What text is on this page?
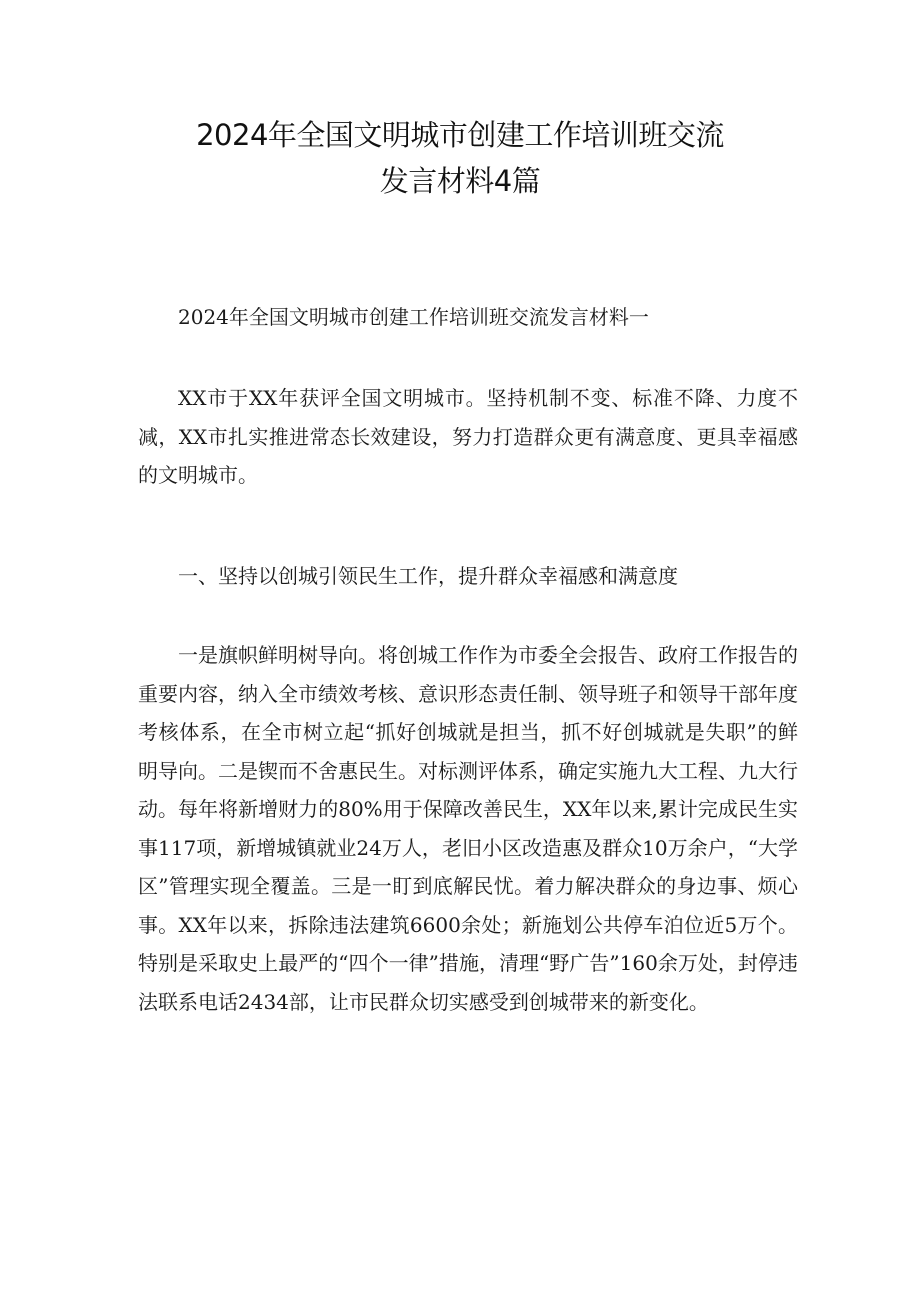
2024年全国文明城市创建工作培训班交流
发言材料4篇

2024年全国文明城市创建工作培训班交流发言材料一

XX市于XX年获评全国文明城市。坚持机制不变、标准不降、力度不减，XX市扎实推进常态长效建设，努力打造群众更有满意度、更具幸福感的文明城市。

一、坚持以创城引领民生工作，提升群众幸福感和满意度

一是旗帜鲜明树导向。将创城工作作为市委全会报告、政府工作报告的重要内容，纳入全市绩效考核、意识形态责任制、领导班子和领导干部年度考核体系，在全市树立起“抓好创城就是担当，抓不好创城就是失职”的鲜明导向。二是锲而不舍惠民生。对标测评体系，确定实施九大工程、九大行动。每年将新增财力的80%用于保障改善民生，XX年以来,累计完成民生实事117项，新增城镇就业24万人，老旧小区改造惠及群众10万余户，“大学区”管理实现全覆盖。三是一盯到底解民忧。着力解决群众的身边事、烦心事。XX年以来，拆除违法建筑6600余处；新施划公共停车泊位近5万个。特别是采取史上最严的“四个一律”措施，清理“野广告”160余万处，封停违法联系电话2434部，让市民群众切实感受到创城带来的新变化。
